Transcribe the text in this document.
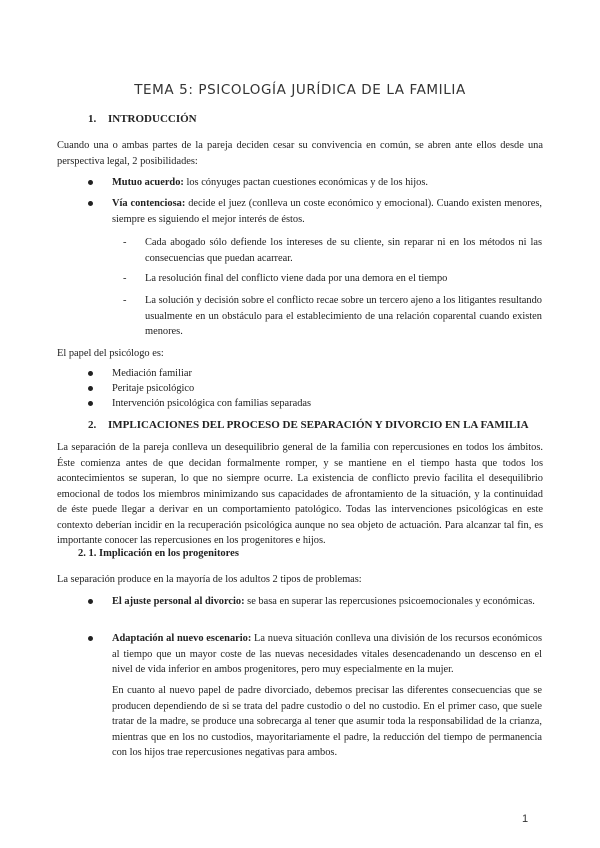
TEMA 5: PSICOLOGÍA JURÍDICA DE LA FAMILIA
1. INTRODUCCIÓN
Cuando una o ambas partes de la pareja deciden cesar su convivencia en común, se abren ante ellos desde una perspectiva legal, 2 posibilidades:
Mutuo acuerdo: los cónyuges pactan cuestiones económicas y de los hijos.
Vía contenciosa: decide el juez (conlleva un coste económico y emocional). Cuando existen menores, siempre es siguiendo el mejor interés de éstos.
- Cada abogado sólo defiende los intereses de su cliente, sin reparar ni en los métodos ni las consecuencias que puedan acarrear.
- La resolución final del conflicto viene dada por una demora en el tiempo
- La solución y decisión sobre el conflicto recae sobre un tercero ajeno a los litigantes resultando usualmente en un obstáculo para el establecimiento de una relación coparental cuando existen menores.
El papel del psicólogo es:
Mediación familiar
Peritaje psicológico
Intervención psicológica con familias separadas
2. IMPLICACIONES DEL PROCESO DE SEPARACIÓN Y DIVORCIO EN LA FAMILIA
La separación de la pareja conlleva un desequilibrio general de la familia con repercusiones en todos los ámbitos. Éste comienza antes de que decidan formalmente romper, y se mantiene en el tiempo hasta que todos los acontecimientos se superan, lo que no siempre ocurre. La existencia de conflicto previo facilita el desequilibrio emocional de todos los miembros minimizando sus capacidades de afrontamiento de la situación, y la continuidad de éste puede llegar a derivar en un comportamiento patológico. Todas las intervenciones psicológicas en este contexto deberían incidir en la recuperación psicológica aunque no sea objeto de actuación. Para alcanzar tal fin, es importante conocer las repercusiones en los progenitores e hijos.
2. 1. Implicación en los progenitores
La separación produce en la mayoría de los adultos 2 tipos de problemas:
El ajuste personal al divorcio: se basa en superar las repercusiones psicoemocionales y económicas.
Adaptación al nuevo escenario: La nueva situación conlleva una división de los recursos económicos al tiempo que un mayor coste de las nuevas necesidades vitales desencadenando un descenso en el nivel de vida inferior en ambos progenitores, pero muy especialmente en la mujer.
En cuanto al nuevo papel de padre divorciado, debemos precisar las diferentes consecuencias que se producen dependiendo de si se trata del padre custodio o del no custodio. En el primer caso, que suele tratar de la madre, se produce una sobrecarga al tener que asumir toda la responsabilidad de la crianza, mientras que en los no custodios, mayoritariamente el padre, la reducción del tiempo de permanencia con los hijos trae repercusiones negativas para ambos.
1
